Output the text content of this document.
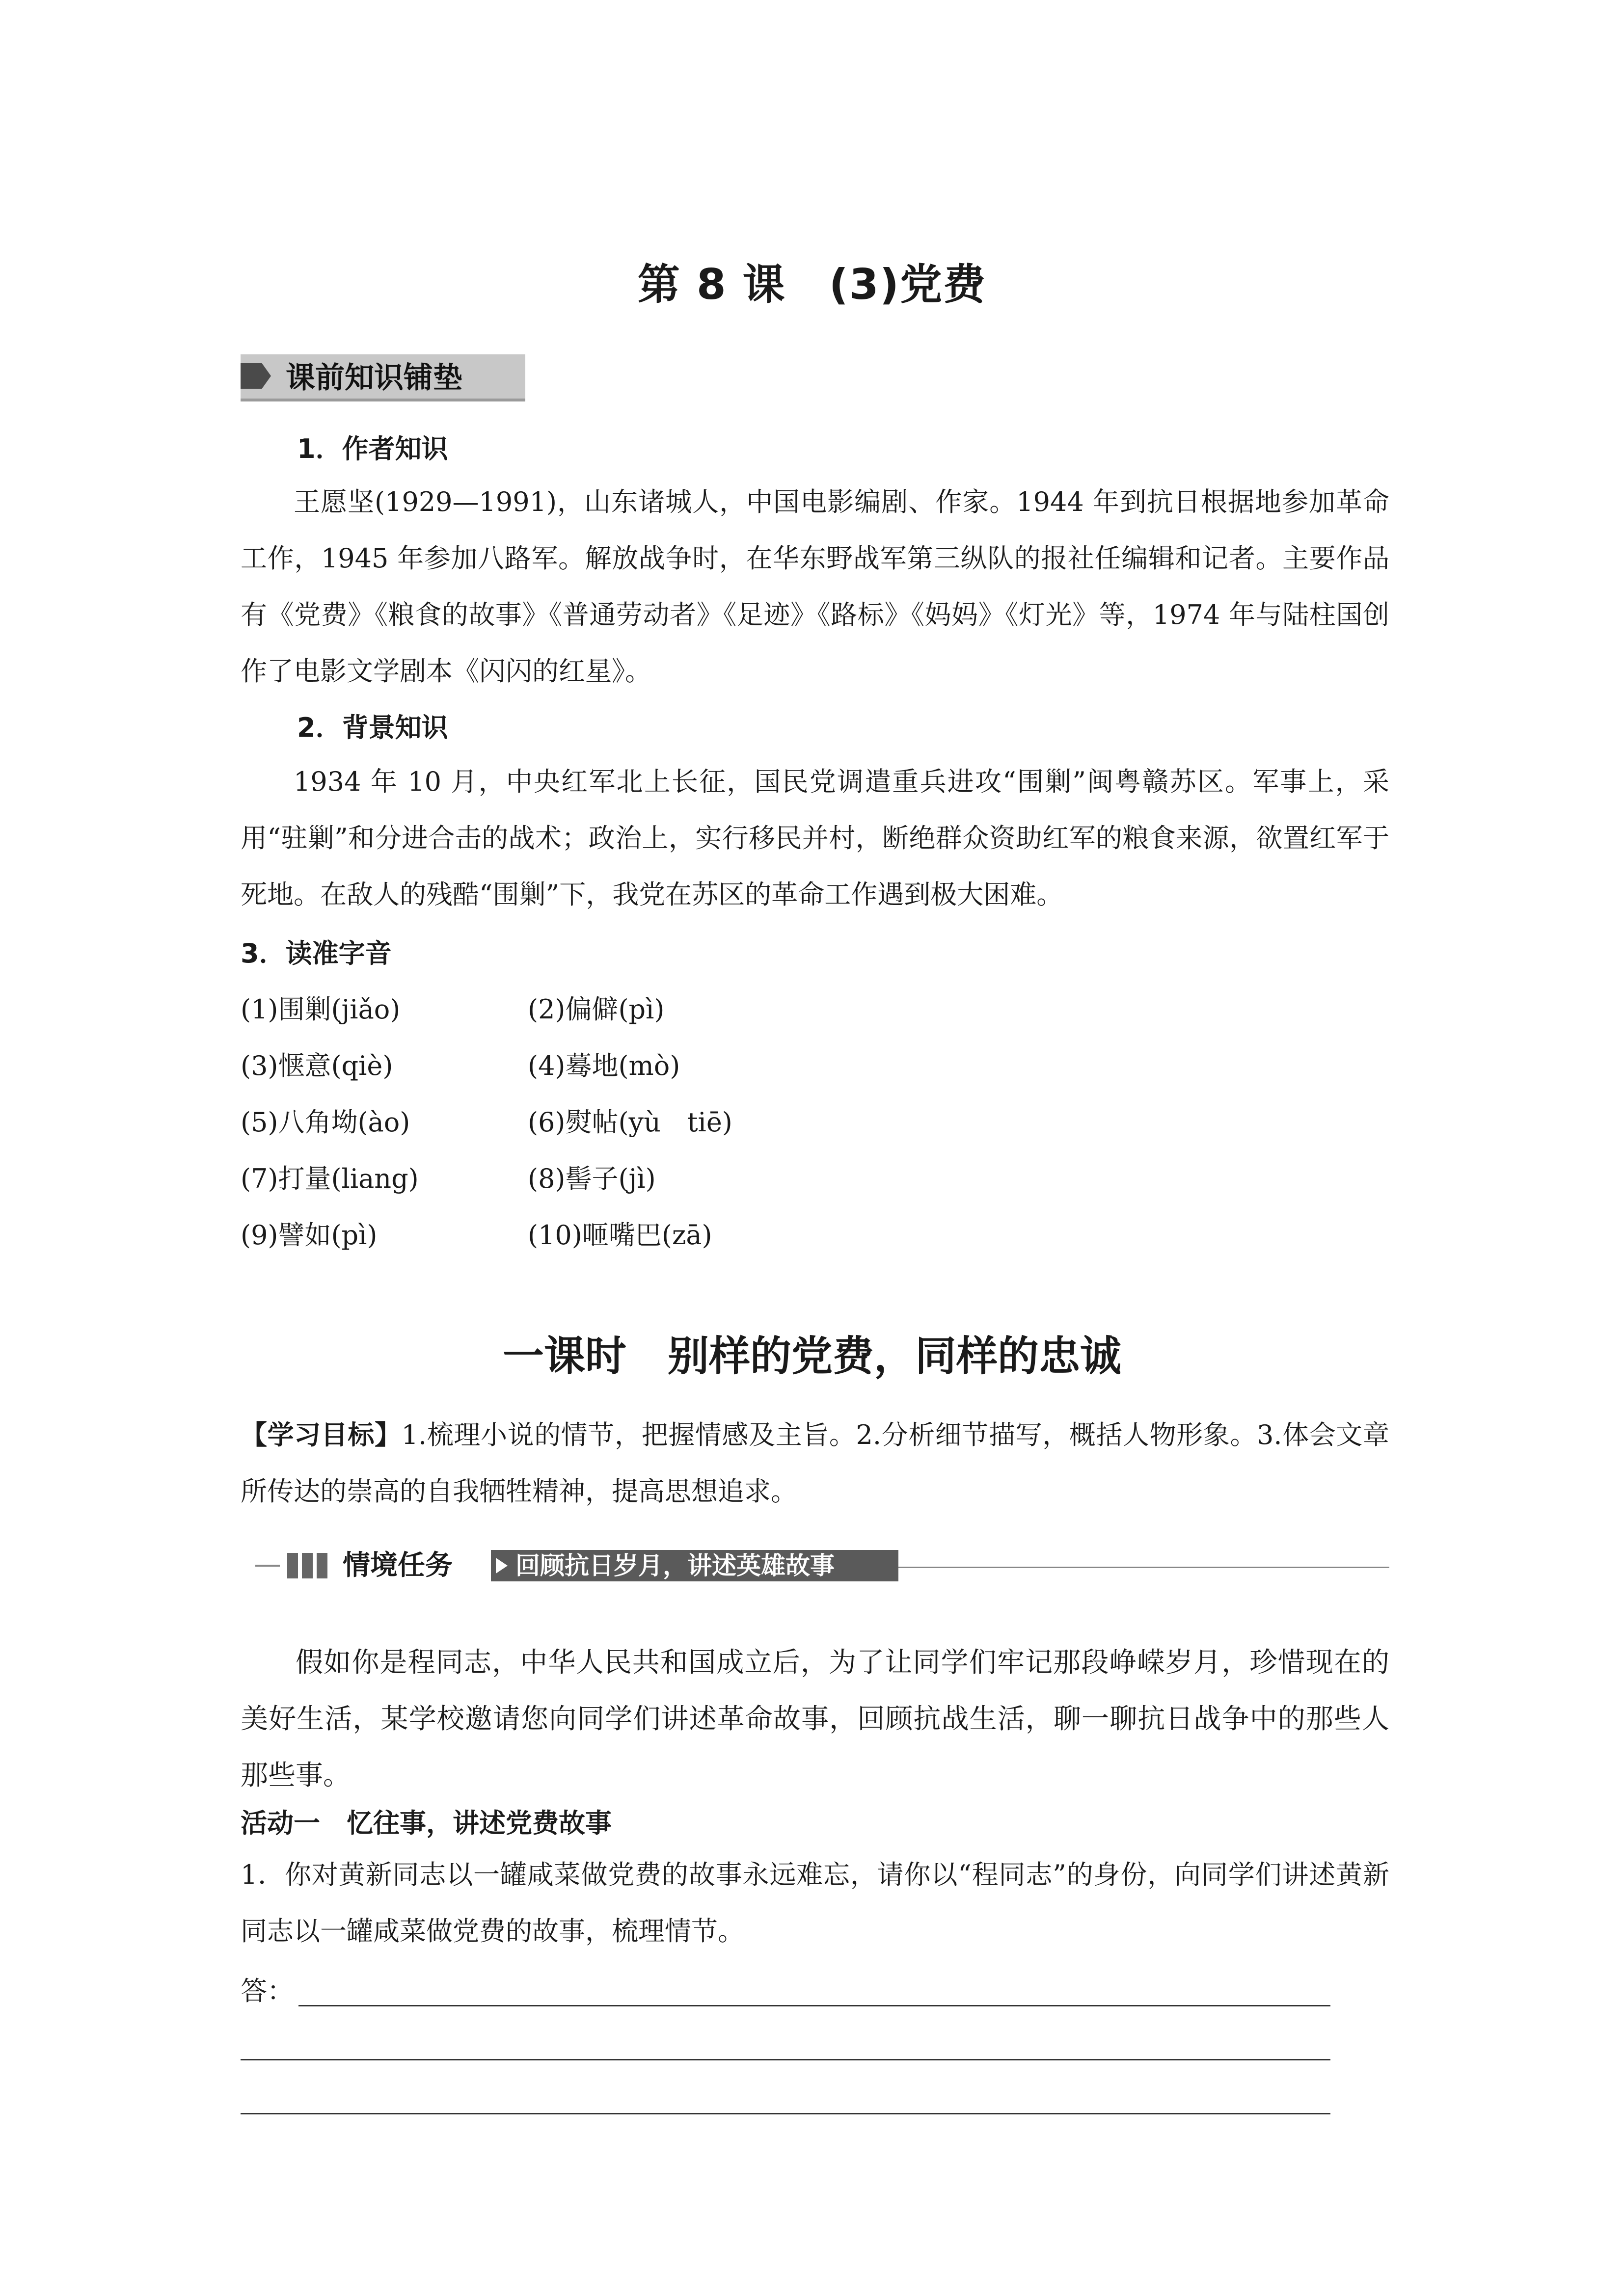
第 8 课　(3)党费
课前知识铺垫
1．作者知识
王愿坚(1929—1991)，山东诸城人，中国电影编剧、作家。1944 年到抗日根据地参加革命工作，1945 年参加八路军。解放战争时，在华东野战军第三纵队的报社任编辑和记者。主要作品有《党费》《粮食的故事》《普通劳动者》《足迹》《路标》《妈妈》《灯光》等，1974 年与陆柱国创作了电影文学剧本《闪闪的红星》。
2．背景知识
1934 年 10 月，中央红军北上长征，国民党调遣重兵进攻“围剿”闽粤赣苏区。军事上，采用“驻剿”和分进合击的战术；政治上，实行移民并村，断绝群众资助红军的粮食来源，欲置红军于死地。在敌人的残酷“围剿”下，我党在苏区的革命工作遇到极大困难。
3．读准字音
(1)围剿(jiǎo)	(2)偏僻(pì)
(3)惬意(qiè)	(4)蓦地(mò)
(5)八角坳(ào)	(6)熨帖(yù　tiē)
(7)打量(liang)	(8)髻子(jì)
(9)譬如(pì)	(10)咂嘴巴(zā)
一课时　别样的党费，同样的忠诚
【学习目标】1.梳理小说的情节，把握情感及主旨。2.分析细节描写，概括人物形象。3.体会文章所传达的崇高的自我牺牲精神，提高思想追求。
情境任务	回顾抗日岁月，讲述英雄故事
假如你是程同志，中华人民共和国成立后，为了让同学们牢记那段峥嵘岁月，珍惜现在的美好生活，某学校邀请您向同学们讲述革命故事，回顾抗战生活，聊一聊抗日战争中的那些人那些事。
活动一　忆往事，讲述党费故事
1．你对黄新同志以一罐咸菜做党费的故事永远难忘，请你以“程同志”的身份，向同学们讲述黄新同志以一罐咸菜做党费的故事，梳理情节。
答：
